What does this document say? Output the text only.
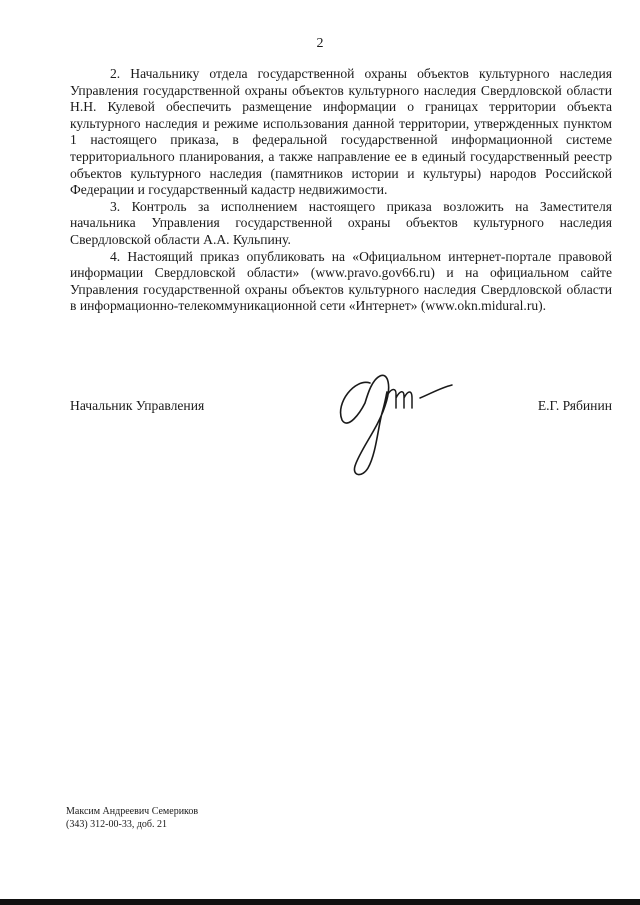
2

2. Начальнику отдела государственной охраны объектов культурного наследия Управления государственной охраны объектов культурного наследия Свердловской области Н.Н. Кулевой обеспечить размещение информации о границах территории объекта культурного наследия и режиме использования данной территории, утвержденных пунктом 1 настоящего приказа, в федеральной государственной информационной системе территориального планирования, а также направление ее в единый государственный реестр объектов культурного наследия (памятников истории и культуры) народов Российской Федерации и государственный кадастр недвижимости.

3. Контроль за исполнением настоящего приказа возложить на Заместителя начальника Управления государственной охраны объектов культурного наследия Свердловской области А.А. Кульпину.

4. Настоящий приказ опубликовать на «Официальном интернет-портале правовой информации Свердловской области» (www.pravo.gov66.ru) и на официальном сайте Управления государственной охраны объектов культурного наследия Свердловской области в информационно-телекоммуникационной сети «Интернет» (www.okn.midural.ru).

Начальник Управления	Е.Г. Рябинин
Максим Андреевич Семериков
(343) 312-00-33, доб. 21
